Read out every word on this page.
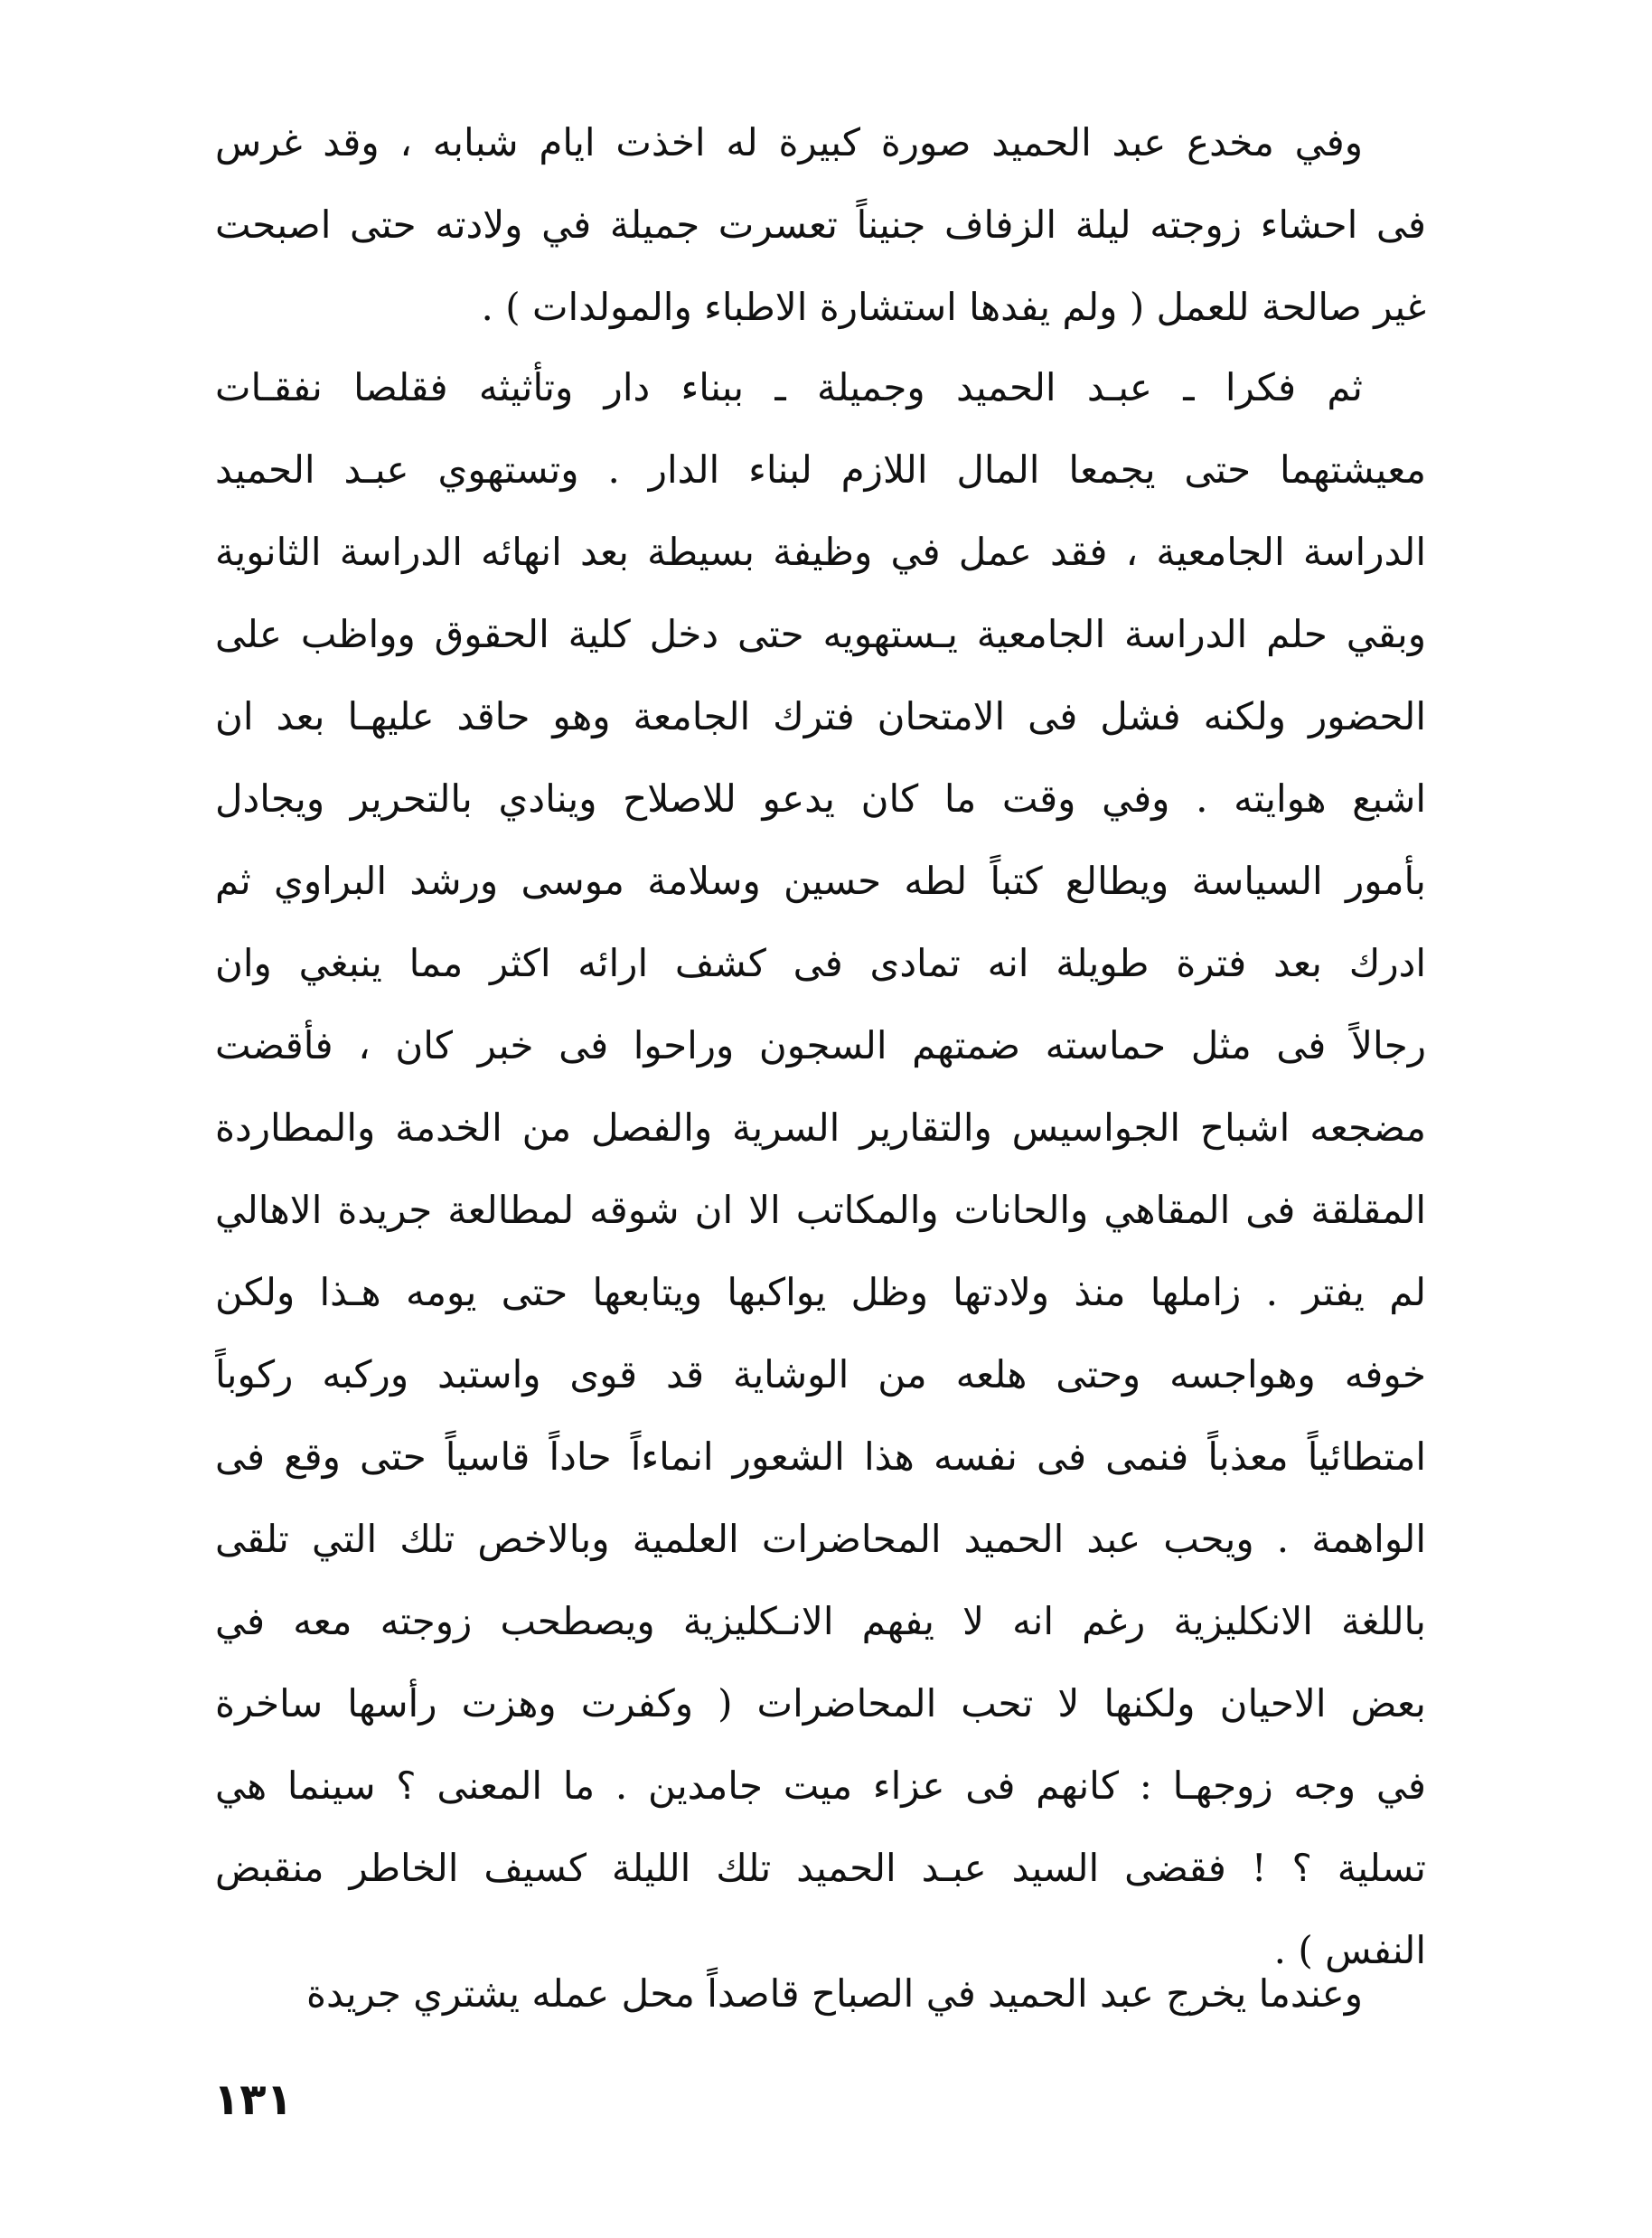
وفي مخدع عبد الحميد صورة كبيرة له اخذت ايام شبابه ، وقد غرس
فى احشاء زوجته ليلة الزفاف جنيناً تعسرت جميلة في ولادته حتى اصبحت
غير صالحة للعمل ( ولم يفدها استشارة الاطباء والمولدات ) .
ثم فكرا ـ عبـد الحميد وجميلة ـ ببناء دار وتأثيثه فقلصا نفقـات
معيشتهما حتى يجمعا المال اللازم لبناء الدار . وتستهوي عبـد الحميد
الدراسة الجامعية ، فقد عمل في وظيفة بسيطة بعد انهائه الدراسة الثانوية
وبقي حلم الدراسة الجامعية يـستهويه حتى دخل كلية الحقوق وواظب على
الحضور ولكنه فشل فى الامتحان فترك الجامعة وهو حاقد عليهـا بعد ان
اشبع هوايته . وفي وقت ما كان يدعو للاصلاح وينادي بالتحرير ويجادل
بأمور السياسة ويطالع كتباً لطه حسين وسلامة موسى ورشد البراوي ثم
ادرك بعد فترة طويلة انه تمادى فى كشف ارائه اكثر مما ينبغي وان
رجالاً فى مثل حماسته ضمتهم السجون وراحوا فى خبر كان ، فأقضت
مضجعه اشباح الجواسيس والتقارير السرية والفصل من الخدمة والمطاردة
المقلقة فى المقاهي والحانات والمكاتب الا ان شوقه لمطالعة جريدة الاهالي
لم يفتر . زاملها منذ ولادتها وظل يواكبها ويتابعها حتى يومه هـذا ولكن
خوفه وهواجسه وحتى هلعه من الوشاية قد قوى واستبد وركبه ركوباً
امتطائياً معذباً فنمى فى نفسه هذا الشعور انماءاً حاداً قاسياً حتى وقع فى
الواهمة . ويحب عبد الحميد المحاضرات العلمية وبالاخص تلك التي تلقى
باللغة الانكليزية رغم انه لا يفهم الانـكليزية ويصطحب زوجته معه في
بعض الاحيان ولكنها لا تحب المحاضرات ( وكفرت وهزت رأسها ساخرة
في وجه زوجهـا : كانهم فى عزاء ميت جامدين . ما المعنى ؟ سينما هي
تسلية ؟ ! فقضى السيد عبـد الحميد تلك الليلة كسيف الخاطر منقبض
النفس ) .
وعندما يخرج عبد الحميد في الصباح قاصداً محل عمله يشتري جريدة
١٣١
